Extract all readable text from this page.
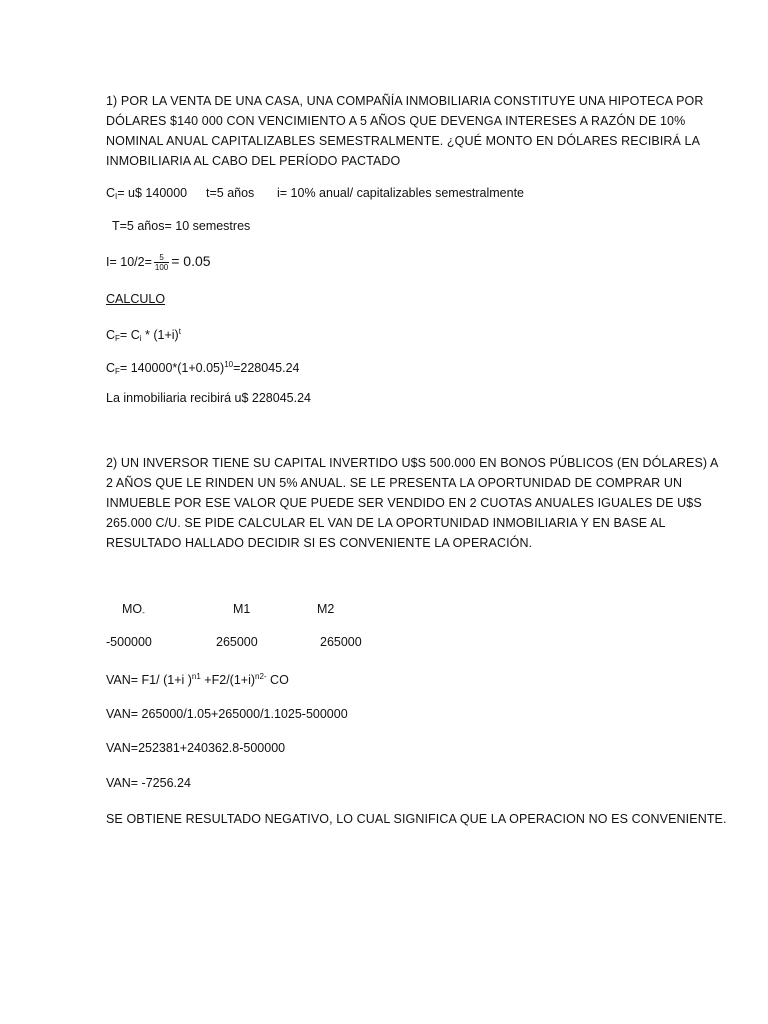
1) POR LA VENTA DE UNA CASA, UNA COMPAÑÍA INMOBILIARIA CONSTITUYE UNA HIPOTECA POR
DÓLARES $140 000 CON VENCIMIENTO A 5 AÑOS QUE DEVENGA INTERESES A RAZÓN DE 10%
NOMINAL ANUAL CAPITALIZABLES SEMESTRALMENTE. ¿QUÉ MONTO EN DÓLARES RECIBIRÁ LA
INMOBILIARIA AL CABO DEL PERÍODO PACTADO
$C_I=$ u$ 140000 t=5 años i= 10% anual/ capitalizables semestralmente
T=5 años= 10 semestres
$I= 10/2= \frac{5}{100} = 0.05$
CALCULO
$C_F= C_i * (1+i)^t$
$C_F= 140000*(1+0.05)^{10}=228045.24$
La inmobiliaria recibirá u$ 228045.24
2) UN INVERSOR TIENE SU CAPITAL INVERTIDO U$S 500.000 EN BONOS PÚBLICOS (EN DÓLARES) A
2 AÑOS QUE LE RINDEN UN 5% ANUAL. SE LE PRESENTA LA OPORTUNIDAD DE COMPRAR UN
INMUEBLE POR ESE VALOR QUE PUEDE SER VENDIDO EN 2 CUOTAS ANUALES IGUALES DE U$S
265.000 C/U. SE PIDE CALCULAR EL VAN DE LA OPORTUNIDAD INMOBILIARIA Y EN BASE AL
RESULTADO HALLADO DECIDIR SI ES CONVENIENTE LA OPERACIÓN.
$MO_-$	M1	M2
-500000	265000	265000
VAN= F1/ (1+i )$^{n1} +F2/(1+i)^{n2-}$ CO
VAN= 265000/1.05+265000/1.1025-500000
VAN=252381+240362.8-500000
VAN= -7256.24
SE OBTIENE RESULTADO NEGATIVO, LO CUAL SIGNIFICA QUE LA OPERACION NO ES CONVENIENTE.
